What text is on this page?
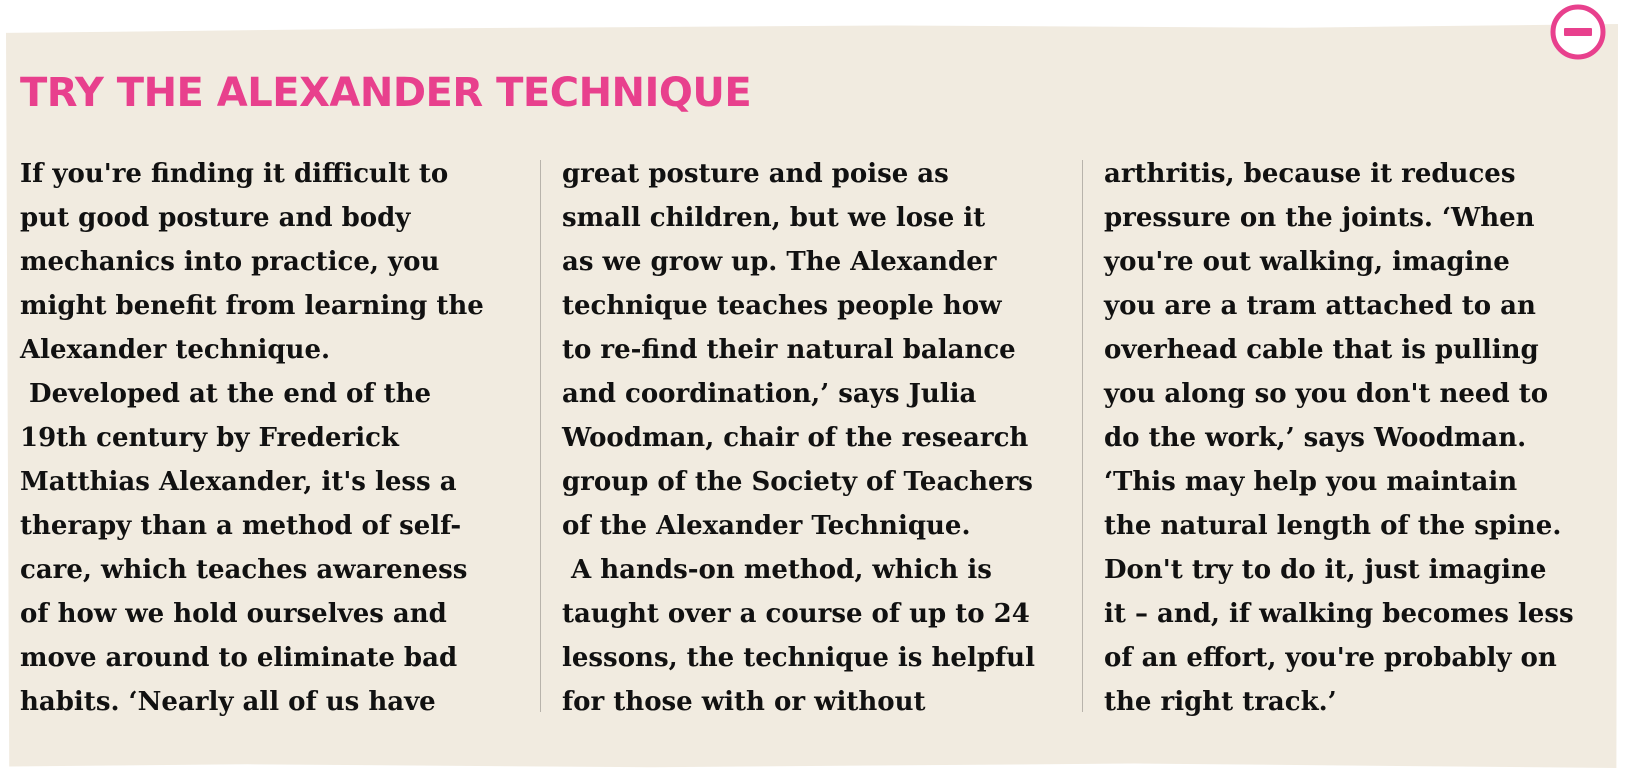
TRY THE ALEXANDER TECHNIQUE
If you're finding it difficult to
put good posture and body
mechanics into practice, you
might benefit from learning the
Alexander technique.
Developed at the end of the
19th century by Frederick
Matthias Alexander, it's less a
therapy than a method of self-
care, which teaches awareness
of how we hold ourselves and
move around to eliminate bad
habits. ‘Nearly all of us have
great posture and poise as
small children, but we lose it
as we grow up. The Alexander
technique teaches people how
to re-find their natural balance
and coordination,’ says Julia
Woodman, chair of the research
group of the Society of Teachers
of the Alexander Technique.
A hands-on method, which is
taught over a course of up to 24
lessons, the technique is helpful
for those with or without
arthritis, because it reduces
pressure on the joints. ‘When
you're out walking, imagine
you are a tram attached to an
overhead cable that is pulling
you along so you don't need to
do the work,’ says Woodman.
‘This may help you maintain
the natural length of the spine.
Don't try to do it, just imagine
it – and, if walking becomes less
of an effort, you're probably on
the right track.’
